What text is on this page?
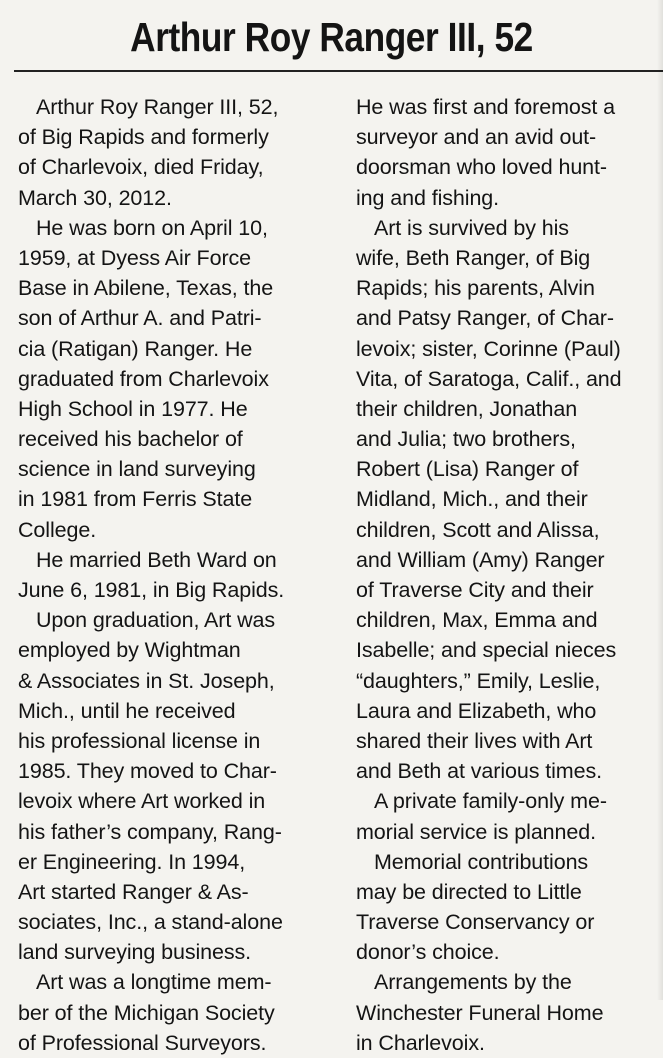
Arthur Roy Ranger III, 52
Arthur Roy Ranger III, 52,
of Big Rapids and formerly
of Charlevoix, died Friday,
March 30, 2012.
He was born on April 10,
1959, at Dyess Air Force
Base in Abilene, Texas, the
son of Arthur A. and Patri-
cia (Ratigan) Ranger. He
graduated from Charlevoix
High School in 1977. He
received his bachelor of
science in land surveying
in 1981 from Ferris State
College.
He married Beth Ward on
June 6, 1981, in Big Rapids.
Upon graduation, Art was
employed by Wightman
& Associates in St. Joseph,
Mich., until he received
his professional license in
1985. They moved to Char-
levoix where Art worked in
his father’s company, Rang-
er Engineering. In 1994,
Art started Ranger & As-
sociates, Inc., a stand-alone
land surveying business.
Art was a longtime mem-
ber of the Michigan Society
of Professional Surveyors.
He was first and foremost a
surveyor and an avid out-
doorsman who loved hunt-
ing and fishing.
Art is survived by his
wife, Beth Ranger, of Big
Rapids; his parents, Alvin
and Patsy Ranger, of Char-
levoix; sister, Corinne (Paul)
Vita, of Saratoga, Calif., and
their children, Jonathan
and Julia; two brothers,
Robert (Lisa) Ranger of
Midland, Mich., and their
children, Scott and Alissa,
and William (Amy) Ranger
of Traverse City and their
children, Max, Emma and
Isabelle; and special nieces
“daughters,” Emily, Leslie,
Laura and Elizabeth, who
shared their lives with Art
and Beth at various times.
A private family-only me-
morial service is planned.
Memorial contributions
may be directed to Little
Traverse Conservancy or
donor’s choice.
Arrangements by the
Winchester Funeral Home
in Charlevoix.
